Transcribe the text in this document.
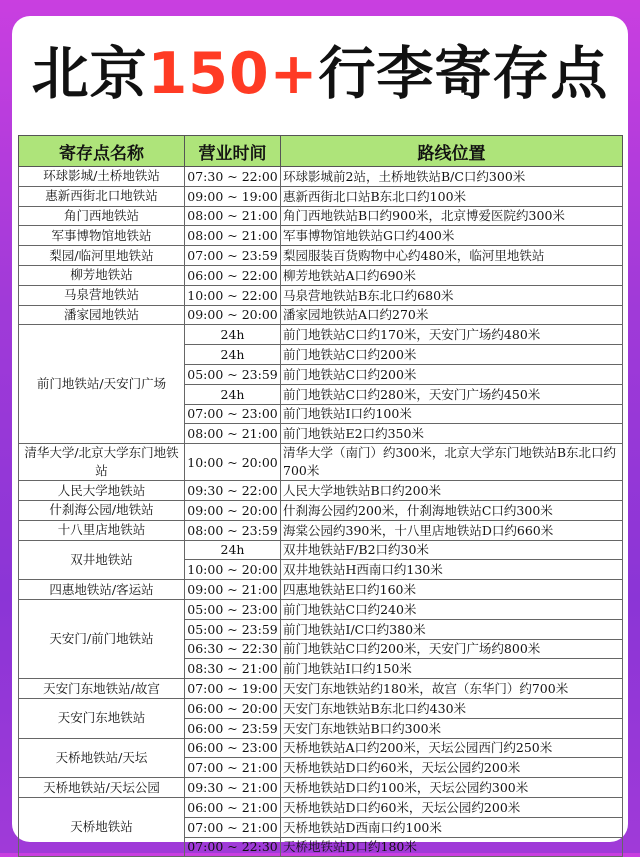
北京150+行李寄存点
寄存点名称	营业时间	路线位置
环球影城/土桥地铁站	07:30 ~ 22:00	环球影城前2站，土桥地铁站B/C口约300米
惠新西街北口地铁站	09:00 ~ 19:00	惠新西街北口站B东北口约100米
角门西地铁站	08:00 ~ 21:00	角门西地铁站B口约900米，北京博爱医院约300米
军事博物馆地铁站	08:00 ~ 21:00	军事博物馆地铁站G口约400米
梨园/临河里地铁站	07:00 ~ 23:59	梨园服装百货购物中心约480米，临河里地铁站
柳芳地铁站	06:00 ~ 22:00	柳芳地铁站A口约690米
马泉营地铁站	10:00 ~ 22:00	马泉营地铁站B东北口约680米
潘家园地铁站	09:00 ~ 20:00	潘家园地铁站A口约270米
前门地铁站/天安门广场	24h	前门地铁站C口约170米，天安门广场约480米
	24h	前门地铁站C口约200米
	05:00 ~ 23:59	前门地铁站C口约200米
	24h	前门地铁站C口约280米，天安门广场约450米
	07:00 ~ 23:00	前门地铁站I口约100米
	08:00 ~ 21:00	前门地铁站E2口约350米
清华大学/北京大学东门地铁站	10:00 ~ 20:00	清华大学（南门）约300米，北京大学东门地铁站B东北口约700米
人民大学地铁站	09:30 ~ 22:00	人民大学地铁站B口约200米
什刹海公园/地铁站	09:00 ~ 20:00	什刹海公园约200米，什刹海地铁站C口约300米
十八里店地铁站	08:00 ~ 23:59	海棠公园约390米，十八里店地铁站D口约660米
双井地铁站	24h	双井地铁站F/B2口约30米
	10:00 ~ 20:00	双井地铁站H西南口约130米
四惠地铁站/客运站	09:00 ~ 21:00	四惠地铁站E口约160米
天安门/前门地铁站	05:00 ~ 23:00	前门地铁站C口约240米
	05:00 ~ 23:59	前门地铁站I/C口约380米
	06:30 ~ 22:30	前门地铁站C口约200米，天安门广场约800米
	08:30 ~ 21:00	前门地铁站I口约150米
天安门东地铁站/故宫	07:00 ~ 19:00	天安门东地铁站约180米，故宫（东华门）约700米
天安门东地铁站	06:00 ~ 20:00	天安门东地铁站B东北口约430米
	06:00 ~ 23:59	天安门东地铁站B口约300米
天桥地铁站/天坛	06:00 ~ 23:00	天桥地铁站A口约200米，天坛公园西门约250米
	07:00 ~ 21:00	天桥地铁站D口约60米，天坛公园约200米
天桥地铁站/天坛公园	09:30 ~ 21:00	天桥地铁站D口约100米，天坛公园约300米
天桥地铁站	06:00 ~ 21:00	天桥地铁站D口约60米，天坛公园约200米
	07:00 ~ 21:00	天桥地铁站D西南口约100米
	07:00 ~ 22:30	天桥地铁站D口约180米
